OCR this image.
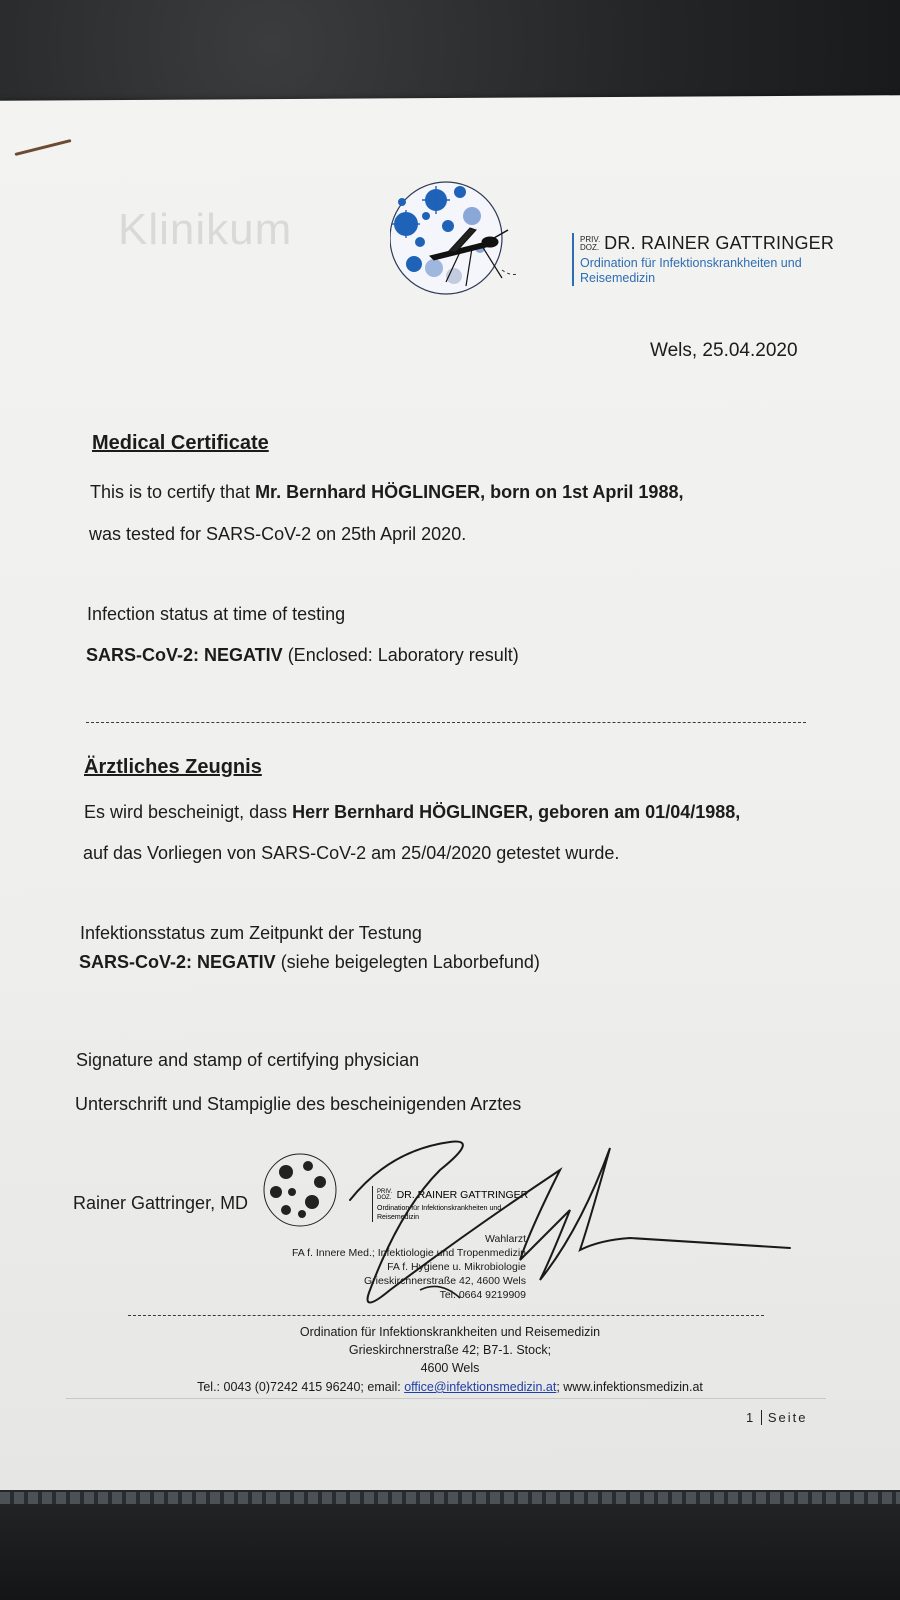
Klinikum	PRIV.
DOZ. DR. RAINER GATTRINGER
Ordination für Infektionskrankheiten und Reisemedizin
Wels, 25.04.2020
Medical Certificate
This is to certify that Mr. Bernhard HÖGLINGER, born on 1st April 1988,
was tested for SARS-CoV-2 on 25th April 2020.
Infection status at time of testing
SARS-CoV-2: NEGATIV (Enclosed: Laboratory result)
Ärztliches Zeugnis
Es wird bescheinigt, dass Herr Bernhard HÖGLINGER, geboren am 01/04/1988,
auf das Vorliegen von SARS-CoV-2 am 25/04/2020 getestet wurde.
Infektionsstatus zum Zeitpunkt der Testung
SARS-CoV-2: NEGATIV (siehe beigelegten Laborbefund)
Signature and stamp of certifying physician
Unterschrift und Stampiglie des bescheinigenden Arztes
Rainer Gattringer, MD
PRIV.
DOZ. DR. RAINER GATTRINGER
Ordination für Infektionskrankheiten und Reisemedizin
Wahlarzt
FA f. Innere Med.; Infektiologie und Tropenmedizin
FA f. Hygiene u. Mikrobiologie
Grieskirchnerstraße 42, 4600 Wels
Tel. 0664 9219909
Ordination für Infektionskrankheiten und Reisemedizin
Grieskirchnerstraße 42; B7-1. Stock;
4600 Wels
Tel.: 0043 (0)7242 415 96240; email: office@infektionsmedizin.at; www.infektionsmedizin.at
1 Seite
